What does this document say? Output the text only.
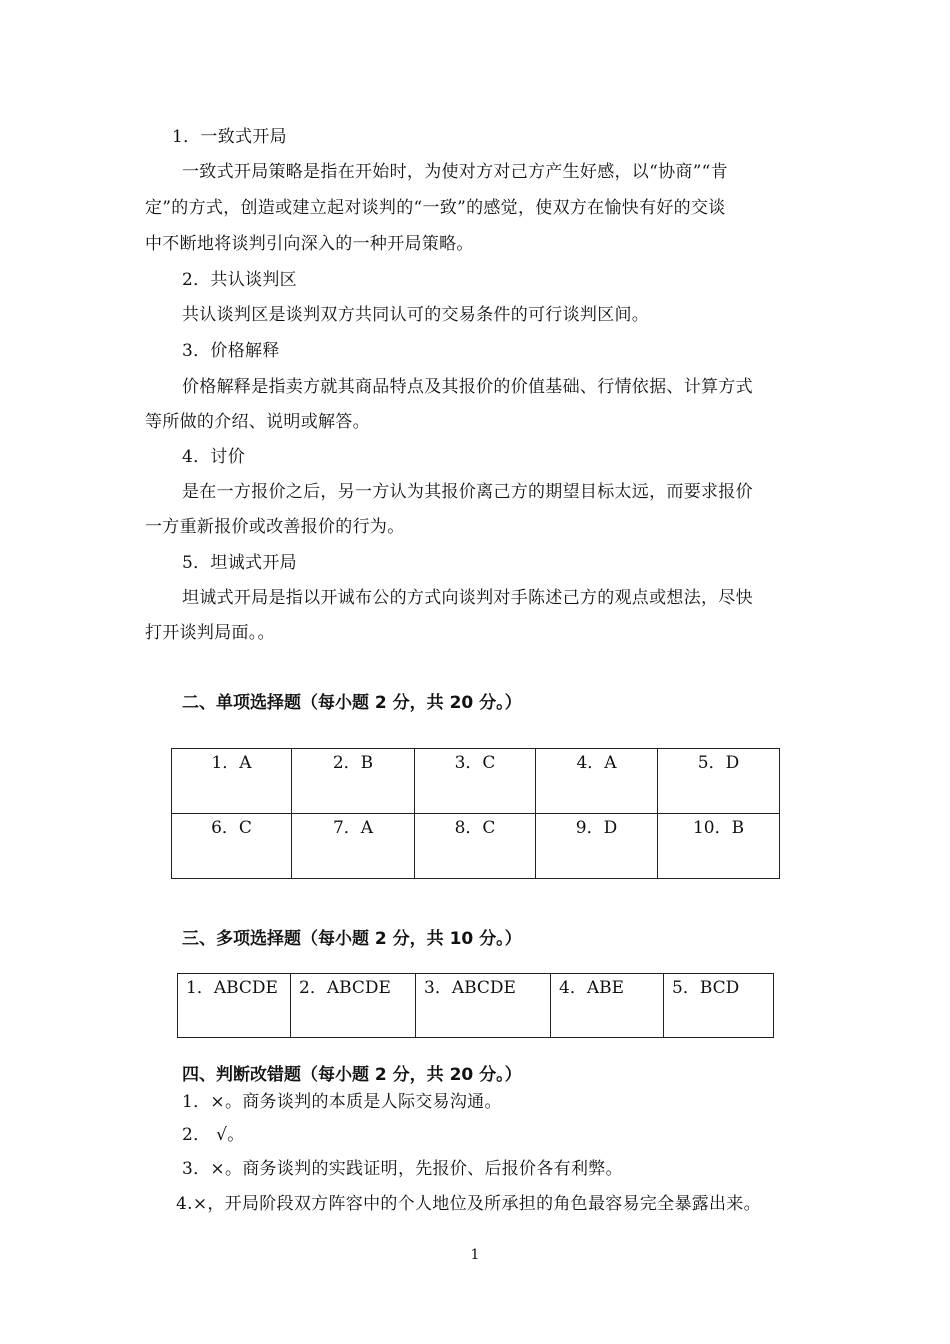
1．一致式开局
一致式开局策略是指在开始时，为使对方对己方产生好感，以“协商”“肯
定”的方式，创造或建立起对谈判的“一致”的感觉，使双方在愉快有好的交谈
中不断地将谈判引向深入的一种开局策略。
2．共认谈判区
共认谈判区是谈判双方共同认可的交易条件的可行谈判区间。
3．价格解释
价格解释是指卖方就其商品特点及其报价的价值基础、行情依据、计算方式
等所做的介绍、说明或解答。
4．讨价
是在一方报价之后，另一方认为其报价离己方的期望目标太远，而要求报价
一方重新报价或改善报价的行为。
5．坦诚式开局
坦诚式开局是指以开诚布公的方式向谈判对手陈述己方的观点或想法，尽快
打开谈判局面。。
二、单项选择题（每小题 2 分，共 20 分。）
1．A	2．B	3．C	4．A	5．D
6．C	7．A	8．C	9．D	10．B
三、多项选择题（每小题 2 分，共 10 分。）
1．ABCDE	2．ABCDE	3．ABCDE	4．ABE	5．BCD
四、判断改错题（每小题 2 分，共 20 分。）
1．×。商务谈判的本质是人际交易沟通。
2． √。
3．×。商务谈判的实践证明，先报价、后报价各有利弊。
4.×，开局阶段双方阵容中的个人地位及所承担的角色最容易完全暴露出来。
1
